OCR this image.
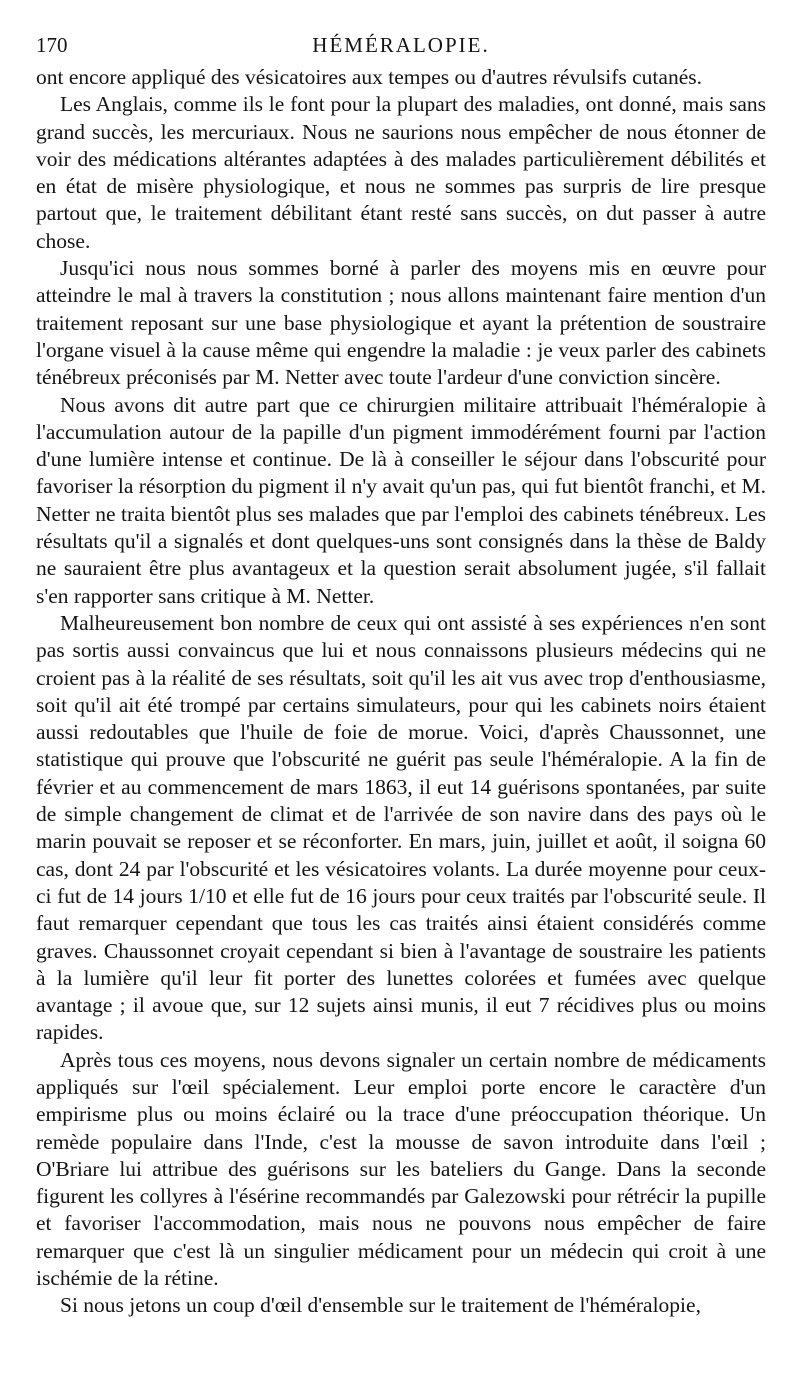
170	HÉMÉRALOPIE.

ont encore appliqué des vésicatoires aux tempes ou d'autres révulsifs cutanés.

Les Anglais, comme ils le font pour la plupart des maladies, ont donné, mais sans grand succès, les mercuriaux. Nous ne saurions nous empêcher de nous étonner de voir des médications altérantes adaptées à des malades particulièrement débilités et en état de misère physiologique, et nous ne sommes pas surpris de lire presque partout que, le traitement débilitant étant resté sans succès, on dut passer à autre chose.

Jusqu'ici nous nous sommes borné à parler des moyens mis en œuvre pour atteindre le mal à travers la constitution ; nous allons maintenant faire mention d'un traitement reposant sur une base physiologique et ayant la prétention de soustraire l'organe visuel à la cause même qui engendre la maladie : je veux parler des cabinets ténébreux préconisés par M. Netter avec toute l'ardeur d'une conviction sincère.

Nous avons dit autre part que ce chirurgien militaire attribuait l'héméralopie à l'accumulation autour de la papille d'un pigment immodérément fourni par l'action d'une lumière intense et continue. De là à conseiller le séjour dans l'obscurité pour favoriser la résorption du pigment il n'y avait qu'un pas, qui fut bientôt franchi, et M. Netter ne traita bientôt plus ses malades que par l'emploi des cabinets ténébreux. Les résultats qu'il a signalés et dont quelques-uns sont consignés dans la thèse de Baldy ne sauraient être plus avantageux et la question serait absolument jugée, s'il fallait s'en rapporter sans critique à M. Netter.

Malheureusement bon nombre de ceux qui ont assisté à ses expériences n'en sont pas sortis aussi convaincus que lui et nous connaissons plusieurs médecins qui ne croient pas à la réalité de ses résultats, soit qu'il les ait vus avec trop d'enthousiasme, soit qu'il ait été trompé par certains simulateurs, pour qui les cabinets noirs étaient aussi redoutables que l'huile de foie de morue. Voici, d'après Chaussonnet, une statistique qui prouve que l'obscurité ne guérit pas seule l'héméralopie. A la fin de février et au commencement de mars 1863, il eut 14 guérisons spontanées, par suite de simple changement de climat et de l'arrivée de son navire dans des pays où le marin pouvait se reposer et se réconforter. En mars, juin, juillet et août, il soigna 60 cas, dont 24 par l'obscurité et les vésicatoires volants. La durée moyenne pour ceux-ci fut de 14 jours 1/10 et elle fut de 16 jours pour ceux traités par l'obscurité seule. Il faut remarquer cependant que tous les cas traités ainsi étaient considérés comme graves. Chaussonnet croyait cependant si bien à l'avantage de soustraire les patients à la lumière qu'il leur fit porter des lunettes colorées et fumées avec quelque avantage ; il avoue que, sur 12 sujets ainsi munis, il eut 7 récidives plus ou moins rapides.

Après tous ces moyens, nous devons signaler un certain nombre de médicaments appliqués sur l'œil spécialement. Leur emploi porte encore le caractère d'un empirisme plus ou moins éclairé ou la trace d'une préoccupation théorique. Un remède populaire dans l'Inde, c'est la mousse de savon introduite dans l'œil ; O'Briare lui attribue des guérisons sur les bateliers du Gange. Dans la seconde figurent les collyres à l'ésérine recommandés par Galezowski pour rétrécir la pupille et favoriser l'accommodation, mais nous ne pouvons nous empêcher de faire remarquer que c'est là un singulier médicament pour un médecin qui croit à une ischémie de la rétine.

Si nous jetons un coup d'œil d'ensemble sur le traitement de l'héméralopie,
